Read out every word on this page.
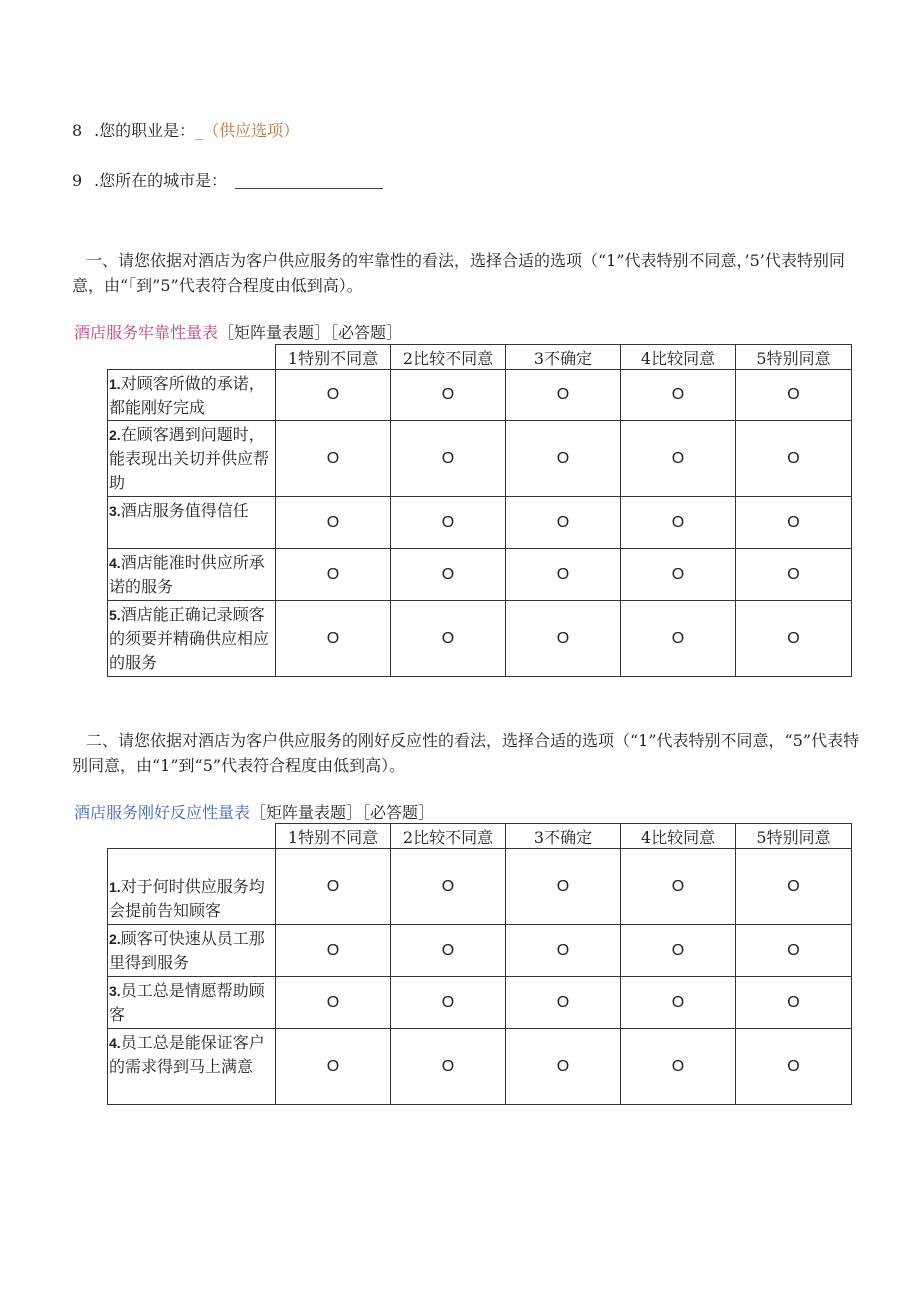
8 .您的职业是：_（供应选项）
9 .您所在的城市是：
一、请您依据对酒店为客户供应服务的牢靠性的看法，选择合适的选项（“1”代表特别不同意，’5’代表特别同意，由“「到”5”代表符合程度由低到高）。
酒店服务牢靠性量表［矩阵量表题］［必答题］
	1特别不同意	2比较不同意	3不确定	4比较同意	5特别同意
1.对顾客所做的承诺，都能刚好完成	O	O	O	O	O
2.在顾客遇到问题时，能表现出关切并供应帮助	O	O	O	O	O
3.酒店服务值得信任	O	O	O	O	O
4.酒店能准时供应所承诺的服务	O	O	O	O	O
5.酒店能正确记录顾客的须要并精确供应相应的服务	O	O	O	O	O
二、请您依据对酒店为客户供应服务的刚好反应性的看法，选择合适的选项（“1”代表特别不同意，“5”代表特别同意，由“1”到“5”代表符合程度由低到高）。
酒店服务刚好反应性量表［矩阵量表题］［必答题］
	1特别不同意	2比较不同意	3不确定	4比较同意	5特别同意

1.对于何时供应服务均会提前告知顾客	O	O	O	O	O
2.顾客可快速从员工那里得到服务	O	O	O	O	O
3.员工总是情愿帮助顾客	O	O	O	O	O
4.员工总是能保证客户的需求得到马上满意	O	O	O	O	O
